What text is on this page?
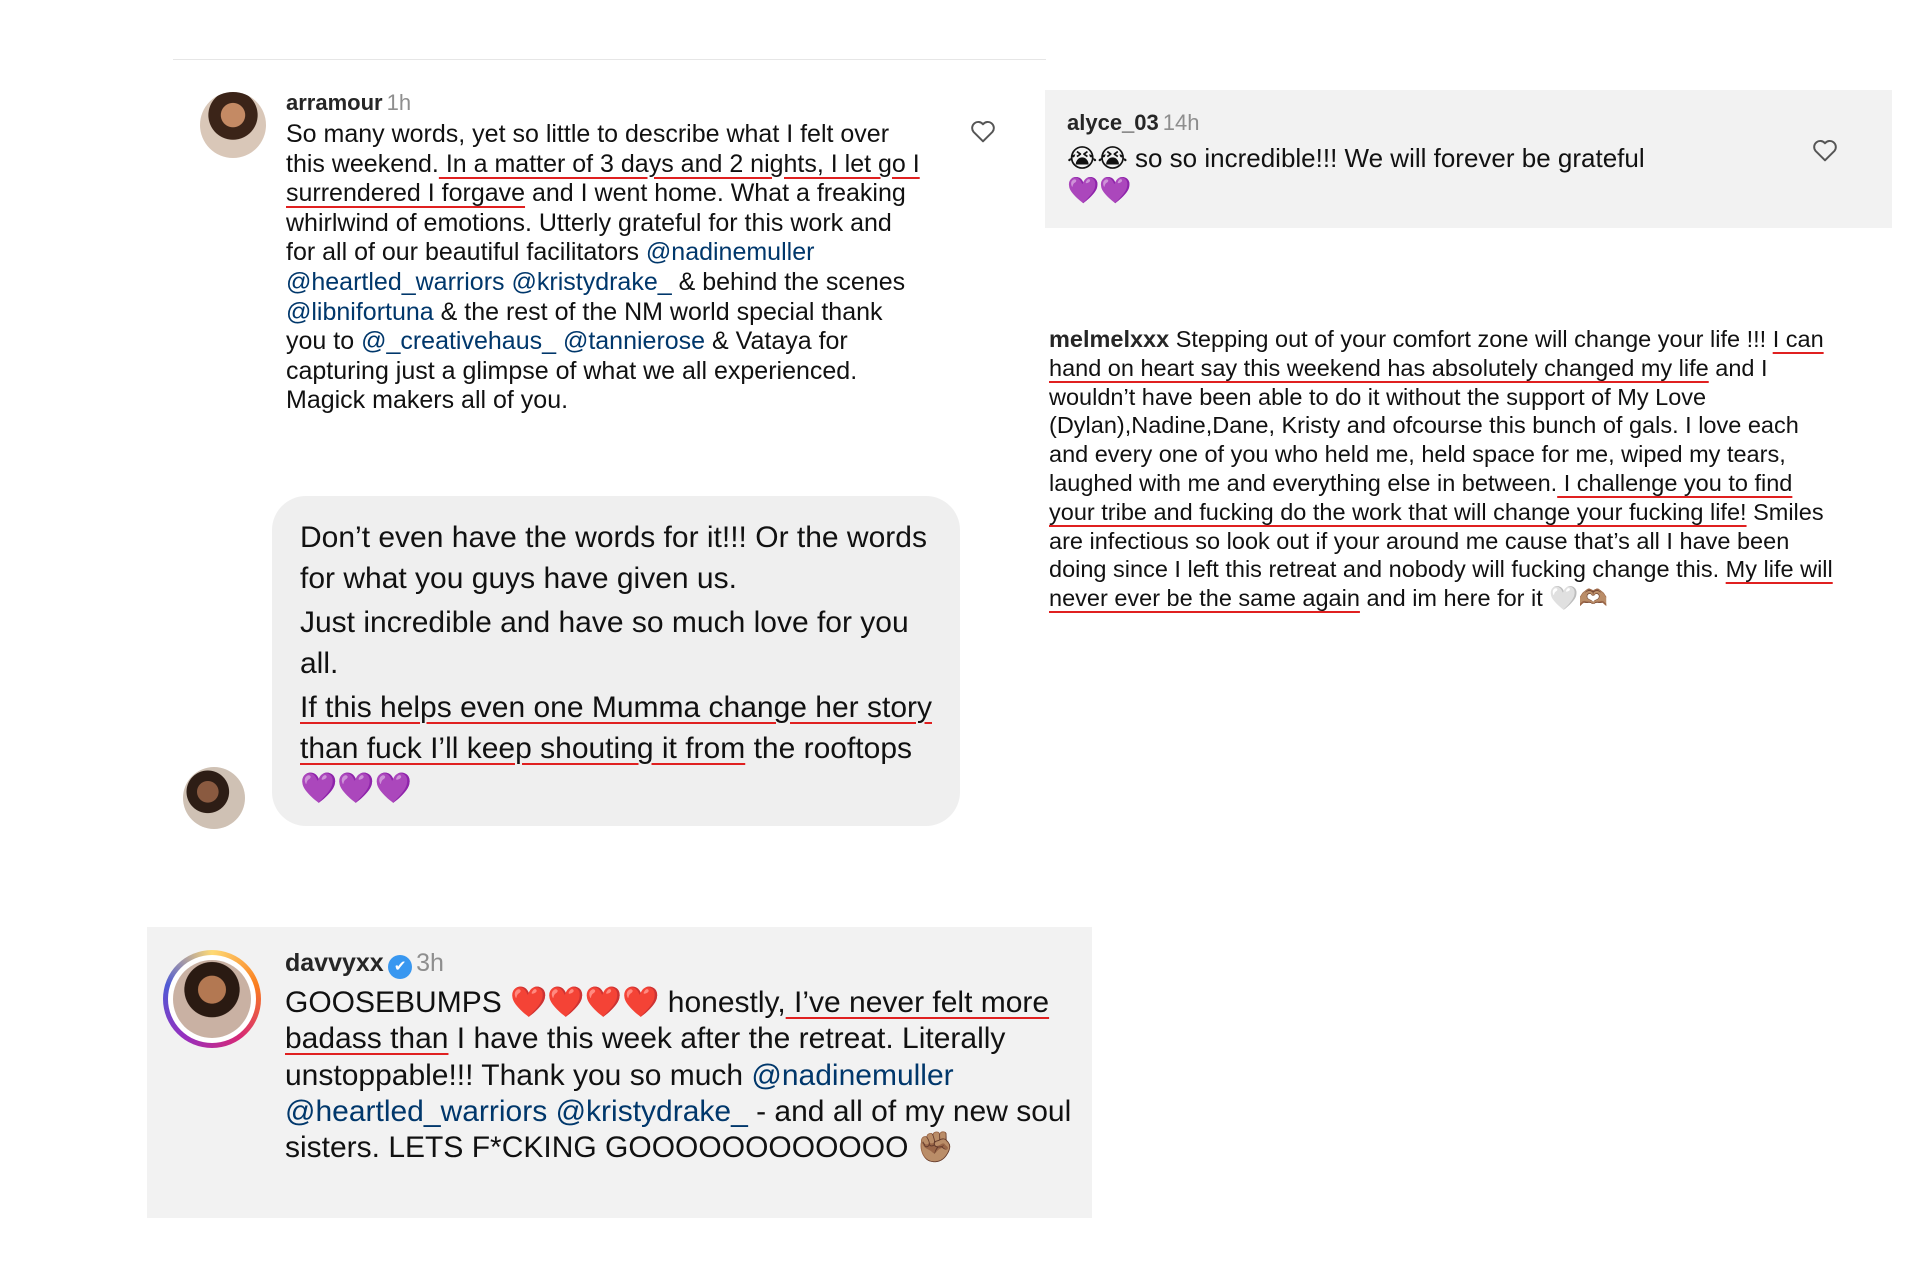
arramour 1h
So many words, yet so little to describe what I felt over this weekend. In a matter of 3 days and 2 nights, I let go I surrendered I forgave and I went home. What a freaking whirlwind of emotions. Utterly grateful for this work and for all of our beautiful facilitators @nadinemuller @heartled_warriors @kristydrake_ & behind the scenes @libnifortuna & the rest of the NM world special thank you to @_creativehaus_ @tannierose & Vataya for capturing just a glimpse of what we all experienced. Magick makers all of you.

Don’t even have the words for it!!! Or the words for what you guys have given us.

Just incredible and have so much love for you all.

If this helps even one Mumma change her story than fuck I’ll keep shouting it from the rooftops 💜💜💜

alyce_03 14h
😭😭 so so incredible!!! We will forever be grateful
💜💜
melmelxxx Stepping out of your comfort zone will change your life !!! I can hand on heart say this weekend has absolutely changed my life and I wouldn’t have been able to do it without the support of My Love (Dylan),Nadine,Dane, Kristy and ofcourse this bunch of gals. I love each and every one of you who held me, held space for me, wiped my tears, laughed with me and everything else in between. I challenge you to find your tribe and fucking do the work that will change your fucking life! Smiles are infectious so look out if your around me cause that’s all I have been doing since I left this retreat and nobody will fucking change this. My life will never ever be the same again and im here for it 🤍🫶🏽
davvyxx ✔ 3h
GOOSEBUMPS ❤️❤️❤️❤️ honestly, I’ve never felt more badass than I have this week after the retreat. Literally unstoppable!!! Thank you so much @nadinemuller @heartled_warriors @kristydrake_ - and all of my new soul sisters. LETS F*CKING GOOOOOOOOOOOO ✊🏽
